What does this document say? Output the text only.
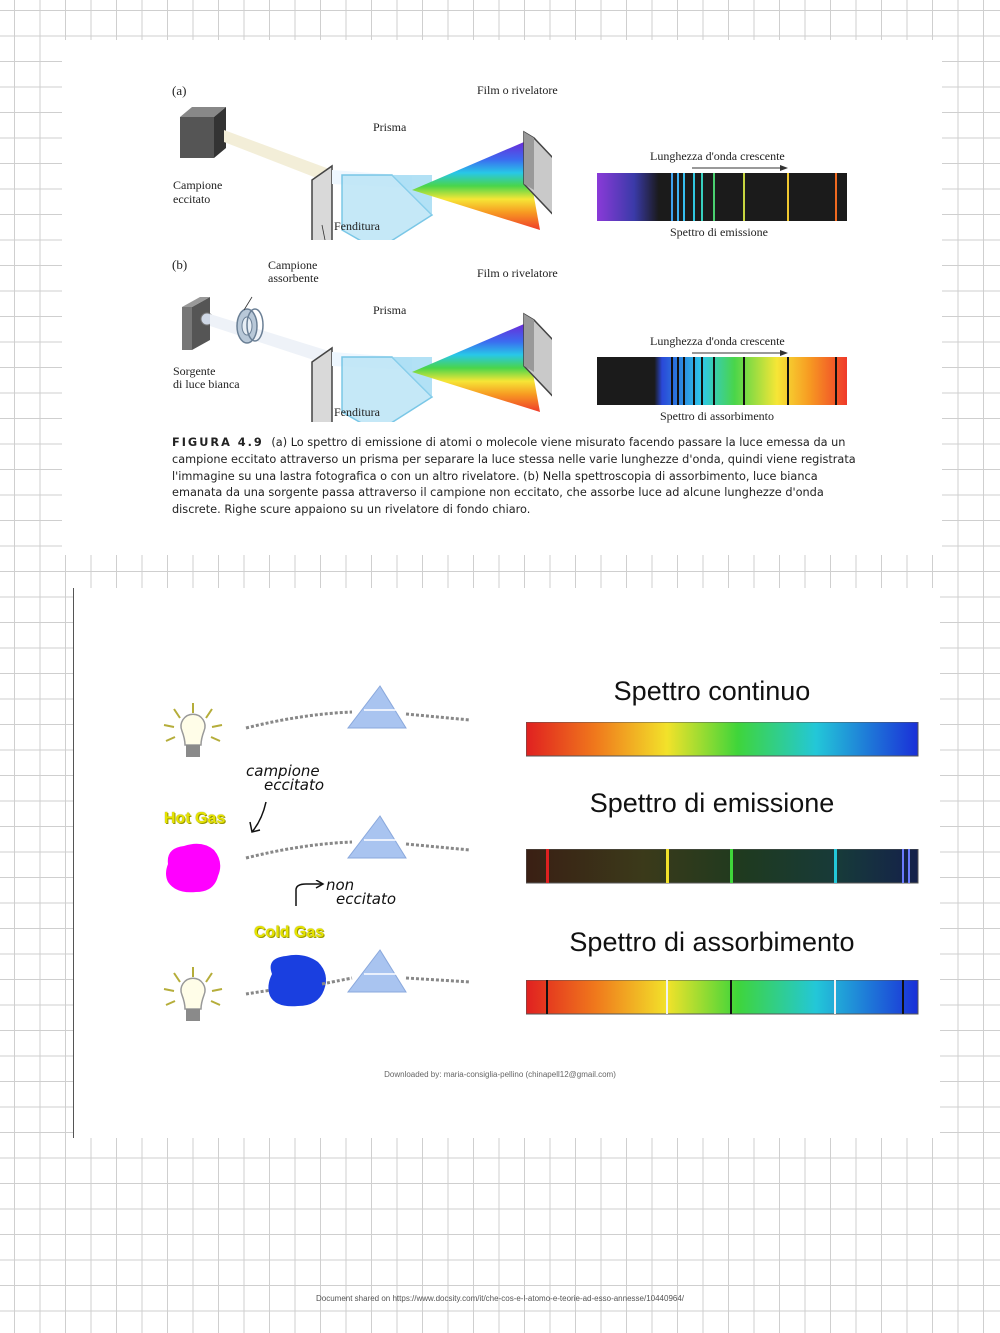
(a)
Campione
eccitato
Fenditura
Prisma
Film o rivelatore
Lunghezza d'onda crescente
Spettro di emissione
(b)	Campione
assorbente
Sorgente
di luce bianca
Fenditura
Prisma
Film o rivelatore
Lunghezza d'onda crescente
Spettro di assorbimento
FIGURA 4.9 (a) Lo spettro di emissione di atomi o molecole viene misurato facendo passare la luce emessa da un campione eccitato attraverso un prisma per separare la luce stessa nelle varie lunghezze d'onda, quindi viene registrata l'immagine su una lastra fotografica o con un altro rivelatore. (b) Nella spettroscopia di assorbimento, luce bianca emanata da una sorgente passa attraverso il campione non eccitato, che assorbe luce ad alcune lunghezze d'onda discrete. Righe scure appaiono su un rivelatore di fondo chiaro.
Spettro continuo
campione
eccitato
Hot Gas
Spettro di emissione
non
eccitato
Cold Gas	Spettro di assorbimento
Downloaded by: maria-consiglia-pellino (chinapell12@gmail.com)
Document shared on https://www.docsity.com/it/che-cos-e-l-atomo-e-teorie-ad-esso-annesse/10440964/
